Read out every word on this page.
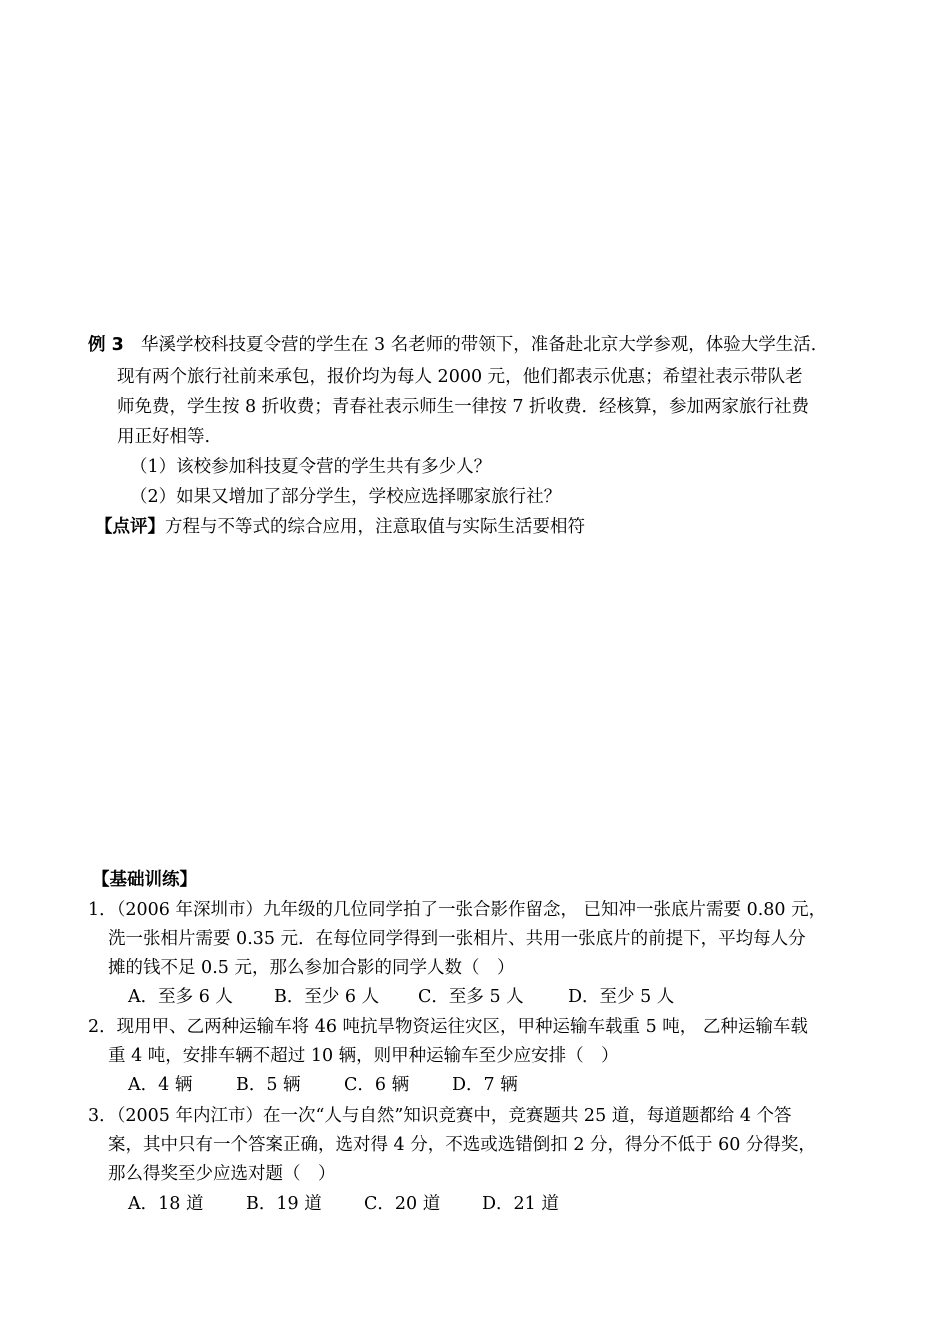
例 3 华溪学校科技夏令营的学生在 3 名老师的带领下，准备赴北京大学参观，体验大学生活．
现有两个旅行社前来承包，报价均为每人 2000 元，他们都表示优惠；希望社表示带队老
师免费，学生按 8 折收费；青春社表示师生一律按 7 折收费．经核算，参加两家旅行社费
用正好相等.
（1）该校参加科技夏令营的学生共有多少人？
（2）如果又增加了部分学生，学校应选择哪家旅行社？
【点评】方程与不等式的综合应用，注意取值与实际生活要相符
【基础训练】
1．（2006 年深圳市）九年级的几位同学拍了一张合影作留念， 已知冲一张底片需要 0.80 元，
洗一张相片需要 0.35 元．在每位同学得到一张相片、共用一张底片的前提下，平均每人分
摊的钱不足 0.5 元，那么参加合影的同学人数（　）
A．至多 6 人 B．至少 6 人 C．至多 5 人	D．至少 5 人
2．现用甲、乙两种运输车将 46 吨抗旱物资运往灾区，甲种运输车载重 5 吨， 乙种运输车载
重 4 吨，安排车辆不超过 10 辆，则甲种运输车至少应安排（　）
A．4 辆 B．5 辆 C．6 辆 D．7 辆
3．（2005 年内江市）在一次“人与自然”知识竞赛中，竞赛题共 25 道，每道题都给 4 个答
案，其中只有一个答案正确，选对得 4 分，不选或选错倒扣 2 分，得分不低于 60 分得奖，
那么得奖至少应选对题（　）
A．18 道 B．19 道 C．20 道 D．21 道
